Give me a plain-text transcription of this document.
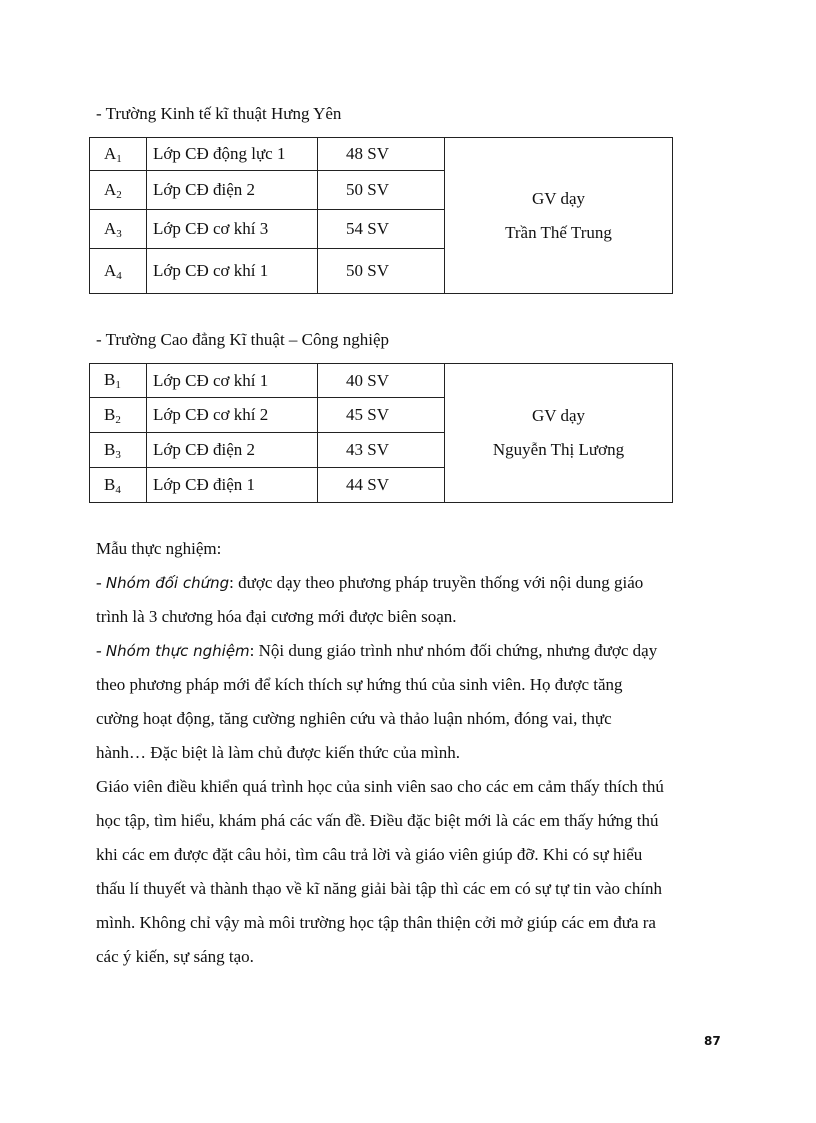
- Trường Kinh tế kĩ thuật Hưng Yên
$A_1$	Lớp CĐ động lực 1	48 SV	GV dạy
Trần Thế Trung

$A_2$	Lớp CĐ điện 2	50 SV	
$A_3$	Lớp CĐ cơ khí 3	54 SV	
$A_4$	Lớp CĐ cơ khí 1	50 SV	
- Trường Cao đẳng Kĩ thuật – Công nghiệp
$B_1$	Lớp CĐ cơ khí 1	40 SV	GV dạy
Nguyễn Thị Lương

$B_2$	Lớp CĐ cơ khí 2	45 SV	
$B_3$	Lớp CĐ điện 2	43 SV	
$B_4$	Lớp CĐ điện 1	44 SV	

Mẫu thực nghiệm:

- Nhóm đối chứng: được dạy theo phương pháp truyền thống với nội dung giáo

trình là 3 chương hóa đại cương mới được biên soạn.

- Nhóm thực nghiệm: Nội dung giáo trình như nhóm đối chứng, nhưng được dạy

theo phương pháp mới để kích thích sự hứng thú của sinh viên. Họ được tăng

cường hoạt động, tăng cường nghiên cứu và thảo luận nhóm, đóng vai, thực

hành… Đặc biệt là làm chủ được kiến thức của mình.

Giáo viên điều khiển quá trình học của sinh viên sao cho các em cảm thấy thích thú

học tập, tìm hiểu, khám phá các vấn đề. Điều đặc biệt mới là các em thấy hứng thú

khi các em được đặt câu hỏi, tìm câu trả lời và giáo viên giúp đỡ. Khi có sự hiểu

thấu lí thuyết và thành thạo về kĩ năng giải bài tập thì các em có sự tự tin vào chính

mình. Không chỉ vậy mà môi trường học tập thân thiện cởi mở giúp các em đưa ra

các ý kiến, sự sáng tạo.

87
